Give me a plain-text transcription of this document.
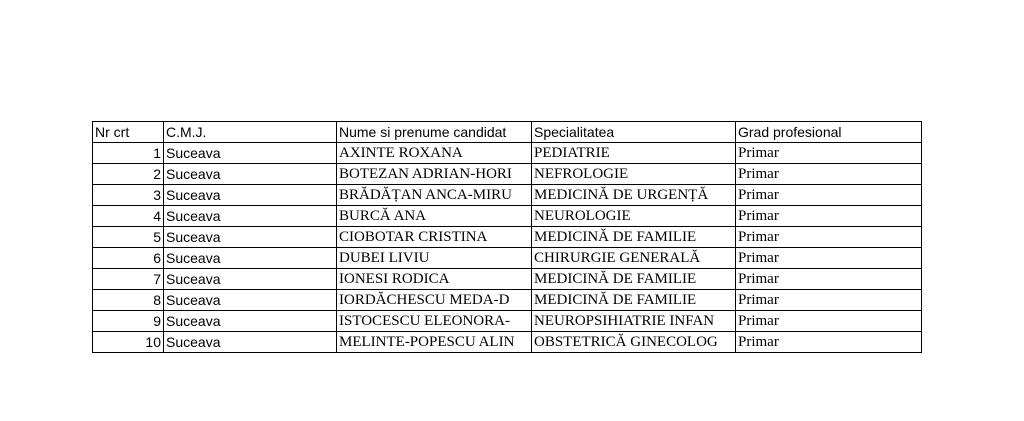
Nr crt	C.M.J.	Nume si prenume candidat	Specialitatea	Grad profesional
1	Suceava	AXINTE ROXANA	PEDIATRIE	Primar
2	Suceava	BOTEZAN ADRIAN-HORI	NEFROLOGIE	Primar
3	Suceava	BRĂDĂȚAN ANCA-MIRU	MEDICINĂ DE URGENȚĂ	Primar
4	Suceava	BURCĂ ANA	NEUROLOGIE	Primar
5	Suceava	CIOBOTAR CRISTINA	MEDICINĂ DE FAMILIE	Primar
6	Suceava	DUBEI LIVIU	CHIRURGIE GENERALĂ	Primar
7	Suceava	IONESI RODICA	MEDICINĂ DE FAMILIE	Primar
8	Suceava	IORDĂCHESCU MEDA-D	MEDICINĂ DE FAMILIE	Primar
9	Suceava	ISTOCESCU ELEONORA-	NEUROPSIHIATRIE INFAN	Primar
10	Suceava	MELINTE-POPESCU ALIN	OBSTETRICĂ GINECOLOG	Primar
